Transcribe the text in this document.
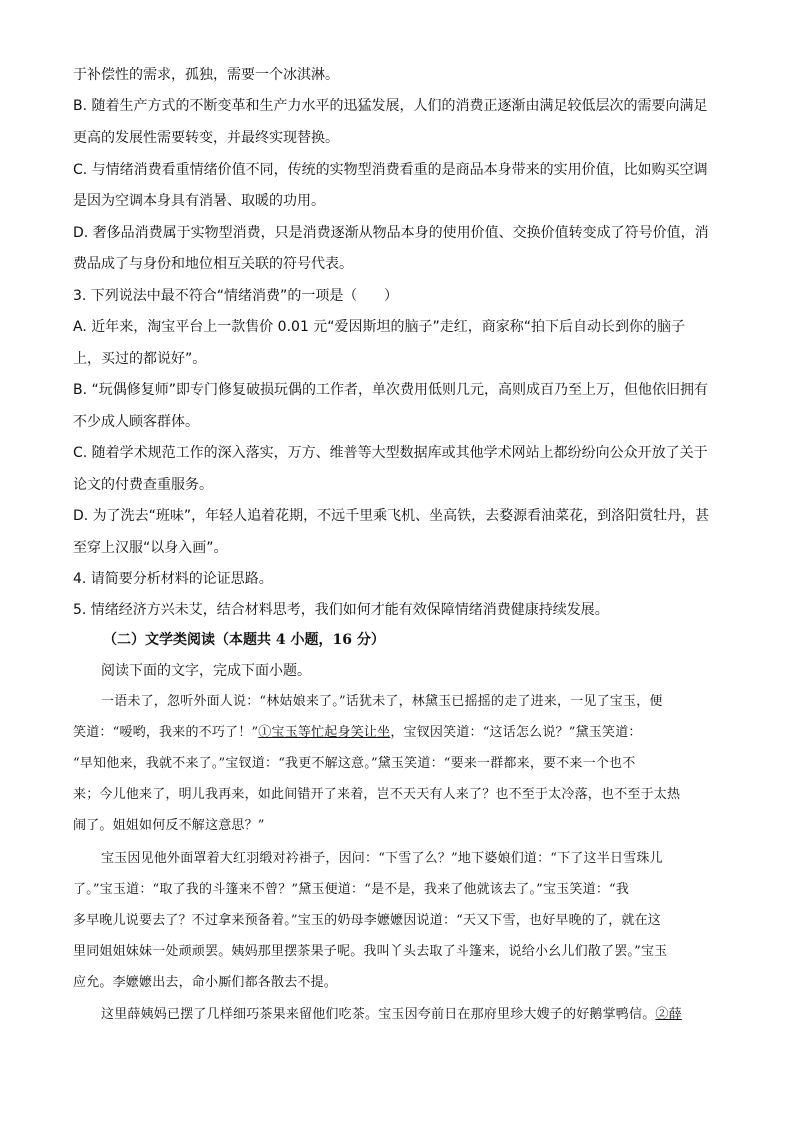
于补偿性的需求，孤独，需要一个冰淇淋。
B. 随着生产方式的不断变革和生产力水平的迅猛发展，人们的消费正逐渐由满足较低层次的需要向满足
更高的发展性需要转变，并最终实现替换。
C. 与情绪消费看重情绪价值不同，传统的实物型消费看重的是商品本身带来的实用价值，比如购买空调
是因为空调本身具有消暑、取暖的功用。
D. 奢侈品消费属于实物型消费，只是消费逐渐从物品本身的使用价值、交换价值转变成了符号价值，消
费品成了与身份和地位相互关联的符号代表。
3. 下列说法中最不符合“情绪消费”的一项是（      ）
A. 近年来，淘宝平台上一款售价 0.01 元“爱因斯坦的脑子”走红，商家称“拍下后自动长到你的脑子
上，买过的都说好”。
B. “玩偶修复师”即专门修复破损玩偶的工作者，单次费用低则几元，高则成百乃至上万，但他依旧拥有
不少成人顾客群体。
C. 随着学术规范工作的深入落实，万方、维普等大型数据库或其他学术网站上都纷纷向公众开放了关于
论文的付费查重服务。
D. 为了洗去“班味”，年轻人追着花期，不远千里乘飞机、坐高铁，去婺源看油菜花，到洛阳赏牡丹，甚
至穿上汉服“以身入画”。
4. 请简要分析材料的论证思路。
5. 情绪经济方兴未艾，结合材料思考，我们如何才能有效保障情绪消费健康持续发展。
（二）文学类阅读（本题共 4 小题，16 分）
阅读下面的文字，完成下面小题。
一语未了，忽听外面人说：“林姑娘来了。”话犹未了，林黛玉已摇摇的走了进来，一见了宝玉，便
笑道：“嗳哟，我来的不巧了！”①宝玉等忙起身笑让坐，宝钗因笑道：“这话怎么说？”黛玉笑道：
“早知他来，我就不来了。”宝钗道：“我更不解这意。”黛玉笑道：“要来一群都来，要不来一个也不
来；今儿他来了，明儿我再来，如此间错开了来着，岂不天天有人来了？也不至于太冷落，也不至于太热
闹了。姐姐如何反不解这意思？”
宝玉因见他外面罩着大红羽缎对衿褂子，因问：“下雪了么？”地下婆娘们道：“下了这半日雪珠儿
了。”宝玉道：“取了我的斗篷来不曾？”黛玉便道：“是不是，我来了他就该去了。”宝玉笑道：“我
多早晚儿说要去了？不过拿来预备着。”宝玉的奶母李嬷嬷因说道：“天又下雪，也好早晚的了，就在这
里同姐姐妹妹一处顽顽罢。姨妈那里摆茶果子呢。我叫丫头去取了斗篷来，说给小幺儿们散了罢。”宝玉
应允。李嬷嬷出去，命小厮们都各散去不提。
这里薛姨妈已摆了几样细巧茶果来留他们吃茶。宝玉因夸前日在那府里珍大嫂子的好鹅掌鸭信。②薛
